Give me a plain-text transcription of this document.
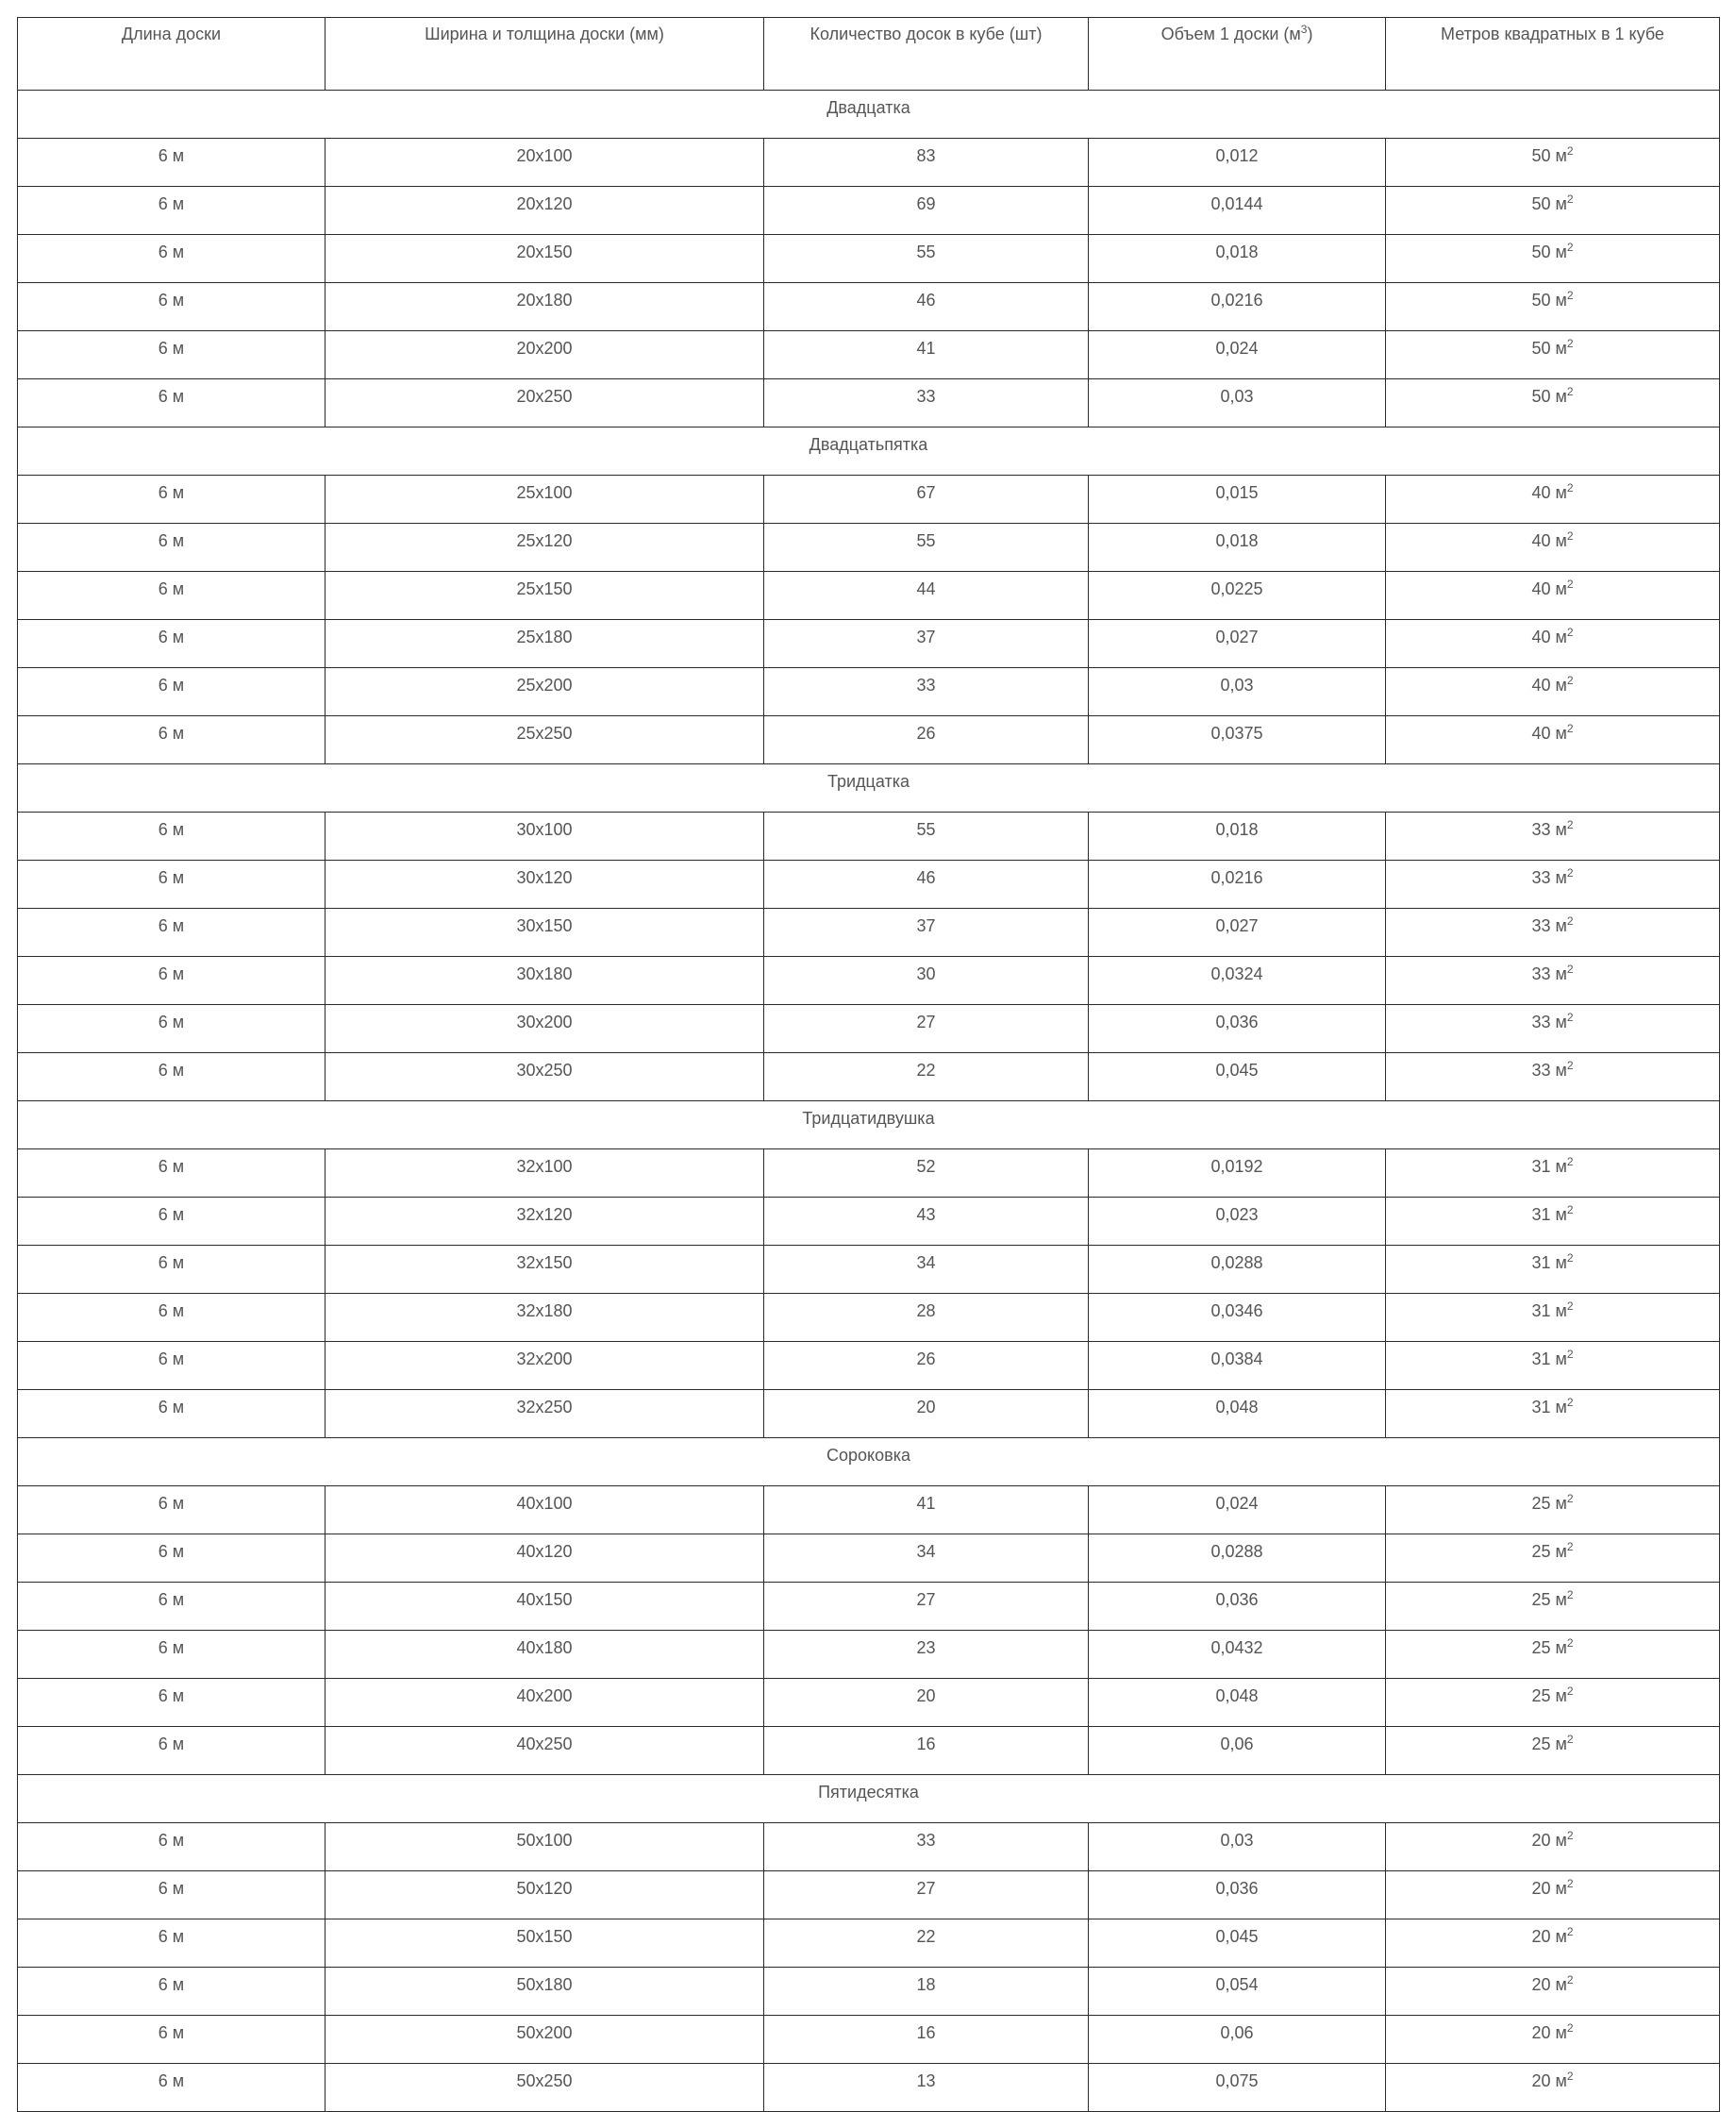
Длина доски	Ширина и толщина доски (мм)	Количество досок в кубе (шт)	Объем 1 доски $(м^3)$	Метров квадратных в 1 кубе
Двадцатка				
6 м	20x100	83	0,012	50 $м^2$
6 м	20x120	69	0,0144	50 $м^2$
6 м	20x150	55	0,018	50 $м^2$
6 м	20x180	46	0,0216	50 $м^2$
6 м	20x200	41	0,024	50 $м^2$
6 м	20x250	33	0,03	50 $м^2$
Двадцатьпятка				
6 м	25x100	67	0,015	40 $м^2$
6 м	25x120	55	0,018	40 $м^2$
6 м	25x150	44	0,0225	40 $м^2$
6 м	25x180	37	0,027	40 $м^2$
6 м	25x200	33	0,03	40 $м^2$
6 м	25x250	26	0,0375	40 $м^2$
Тридцатка				
6 м	30x100	55	0,018	33 $м^2$
6 м	30x120	46	0,0216	33 $м^2$
6 м	30x150	37	0,027	33 $м^2$
6 м	30x180	30	0,0324	33 $м^2$
6 м	30x200	27	0,036	33 $м^2$
6 м	30x250	22	0,045	33 $м^2$
Тридцатидвушка				
6 м	32x100	52	0,0192	31 $м^2$
6 м	32x120	43	0,023	31 $м^2$
6 м	32x150	34	0,0288	31 $м^2$
6 м	32x180	28	0,0346	31 $м^2$
6 м	32x200	26	0,0384	31 $м^2$
6 м	32x250	20	0,048	31 $м^2$
Сороковка				
6 м	40x100	41	0,024	25 $м^2$
6 м	40x120	34	0,0288	25 $м^2$
6 м	40x150	27	0,036	25 $м^2$
6 м	40x180	23	0,0432	25 $м^2$
6 м	40x200	20	0,048	25 $м^2$
6 м	40x250	16	0,06	25 $м^2$
Пятидесятка				
6 м	50x100	33	0,03	20 $м^2$
6 м	50x120	27	0,036	20 $м^2$
6 м	50x150	22	0,045	20 $м^2$
6 м	50x180	18	0,054	20 $м^2$
6 м	50x200	16	0,06	20 $м^2$
6 м	50x250	13	0,075	20 $м^2$
